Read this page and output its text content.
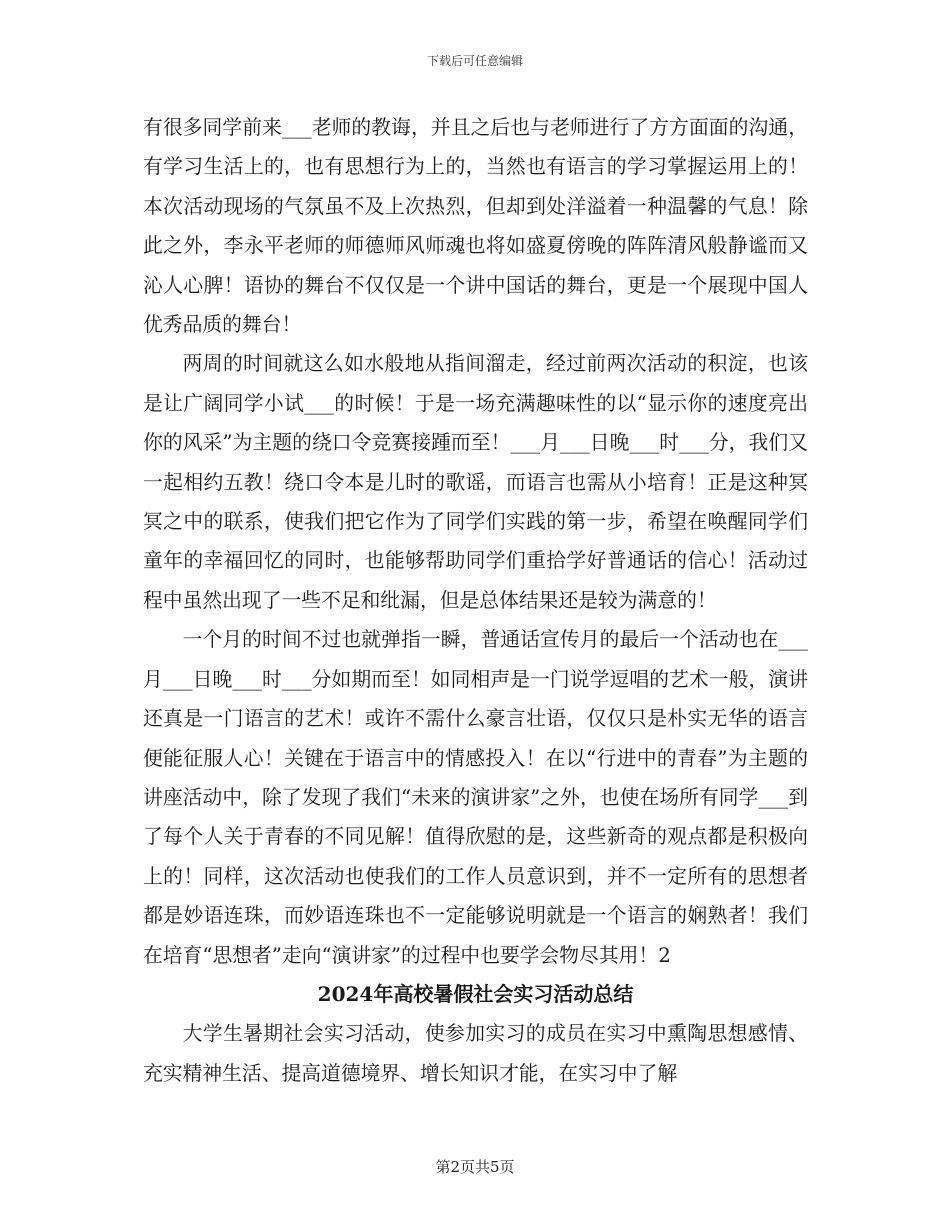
下载后可任意编辑

有很多同学前来___老师的教诲，并且之后也与老师进行了方方面面的沟通，有学习生活上的，也有思想行为上的，当然也有语言的学习掌握运用上的！本次活动现场的气氛虽不及上次热烈，但却到处洋溢着一种温馨的气息！除此之外，李永平老师的师德师风师魂也将如盛夏傍晚的阵阵清风般静谧而又沁人心脾！语协的舞台不仅仅是一个讲中国话的舞台，更是一个展现中国人优秀品质的舞台！

两周的时间就这么如水般地从指间溜走，经过前两次活动的积淀，也该是让广阔同学小试___的时候！于是一场充满趣味性的以“显示你的速度亮出你的风采”为主题的绕口令竞赛接踵而至！___月___日晚___时___分，我们又一起相约五教！绕口令本是儿时的歌谣，而语言也需从小培育！正是这种冥冥之中的联系，使我们把它作为了同学们实践的第一步，希望在唤醒同学们童年的幸福回忆的同时，也能够帮助同学们重拾学好普通话的信心！活动过程中虽然出现了一些不足和纰漏，但是总体结果还是较为满意的！

一个月的时间不过也就弹指一瞬，普通话宣传月的最后一个活动也在___月___日晚___时___分如期而至！如同相声是一门说学逗唱的艺术一般，演讲还真是一门语言的艺术！或许不需什么豪言壮语，仅仅只是朴实无华的语言便能征服人心！关键在于语言中的情感投入！在以“行进中的青春”为主题的讲座活动中，除了发现了我们“未来的演讲家”之外，也使在场所有同学___到了每个人关于青春的不同见解！值得欣慰的是，这些新奇的观点都是积极向上的！同样，这次活动也使我们的工作人员意识到，并不一定所有的思想者都是妙语连珠，而妙语连珠也不一定能够说明就是一个语言的娴熟者！我们在培育“思想者”走向“演讲家”的过程中也要学会物尽其用！2

2024年高校暑假社会实习活动总结

大学生暑期社会实习活动，使参加实习的成员在实习中熏陶思想感情、充实精神生活、提高道德境界、增长知识才能，在实习中了解

第2页共5页
